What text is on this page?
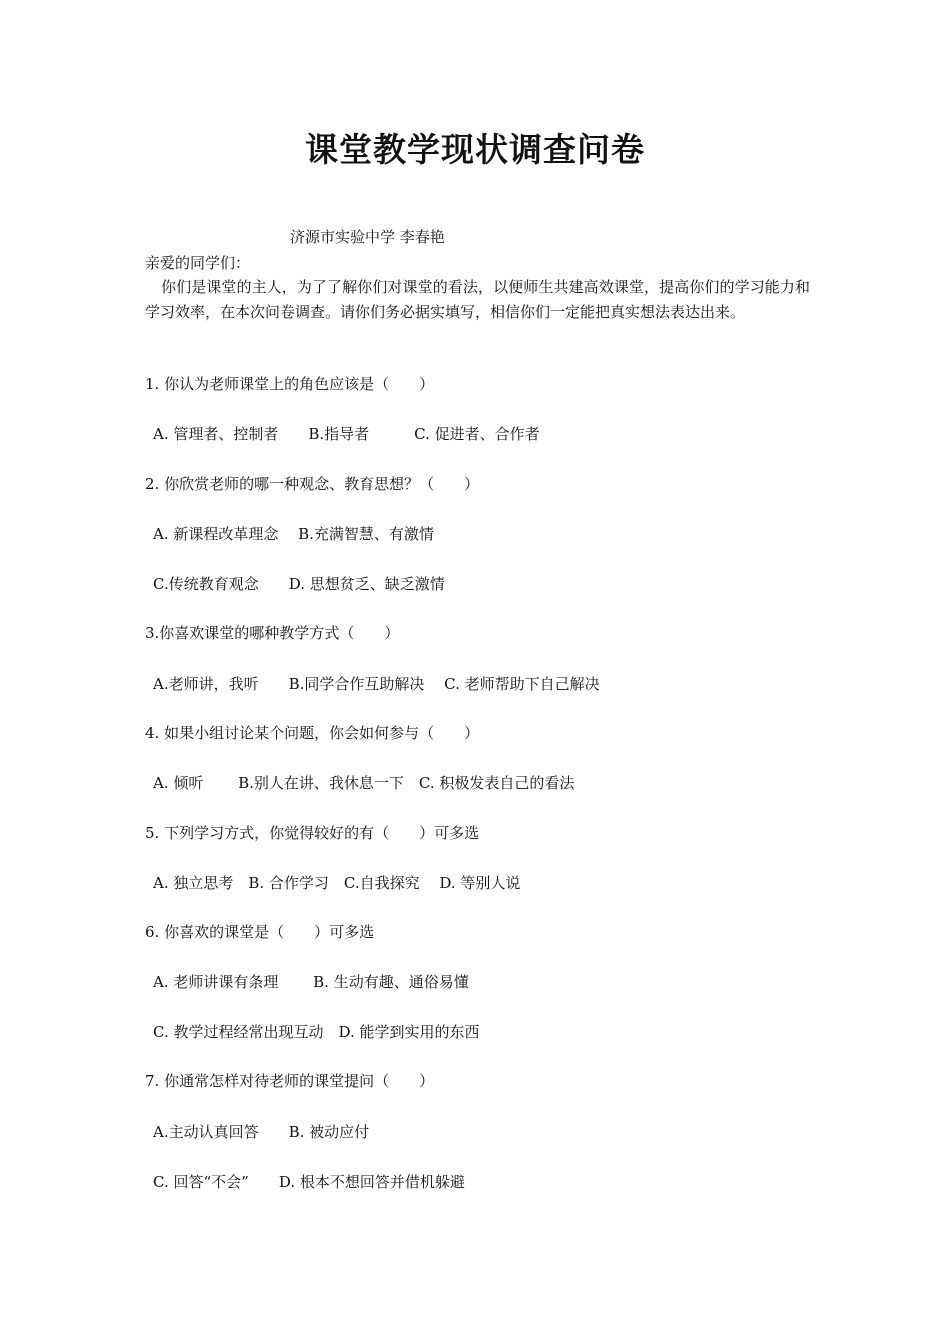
课堂教学现状调查问卷
济源市实验中学 李春艳
亲爱的同学们：
你们是课堂的主人，为了了解你们对课堂的看法，以便师生共建高效课堂，提高你们的学习能力和学习效率，在本次问卷调查。请你们务必据实填写，相信你们一定能把真实想法表达出来。
1. 你认为老师课堂上的角色应该是（　　）
A. 管理者、控制者　　B.指导者　　　C. 促进者、合作者
2. 你欣赏老师的哪一种观念、教育思想？（　　）
A. 新课程改革理念　 B.充满智慧、有激情
C.传统教育观念　　D. 思想贫乏、缺乏激情
3.你喜欢课堂的哪种教学方式（　　）
A.老师讲，我听　　B.同学合作互助解决　 C. 老师帮助下自己解决
4. 如果小组讨论某个问题，你会如何参与（　　）
A. 倾听　　 B.别人在讲、我休息一下　C. 积极发表自己的看法
5. 下列学习方式，你觉得较好的有（　　）可多选
A. 独立思考　B. 合作学习　C.自我探究　 D. 等别人说
6. 你喜欢的课堂是（　　）可多选
A. 老师讲课有条理　　 B. 生动有趣、通俗易懂
C. 教学过程经常出现互动　D. 能学到实用的东西
7. 你通常怎样对待老师的课堂提问（　　）
A.主动认真回答　　B. 被动应付
C. 回答“不会”　　D. 根本不想回答并借机躲避
